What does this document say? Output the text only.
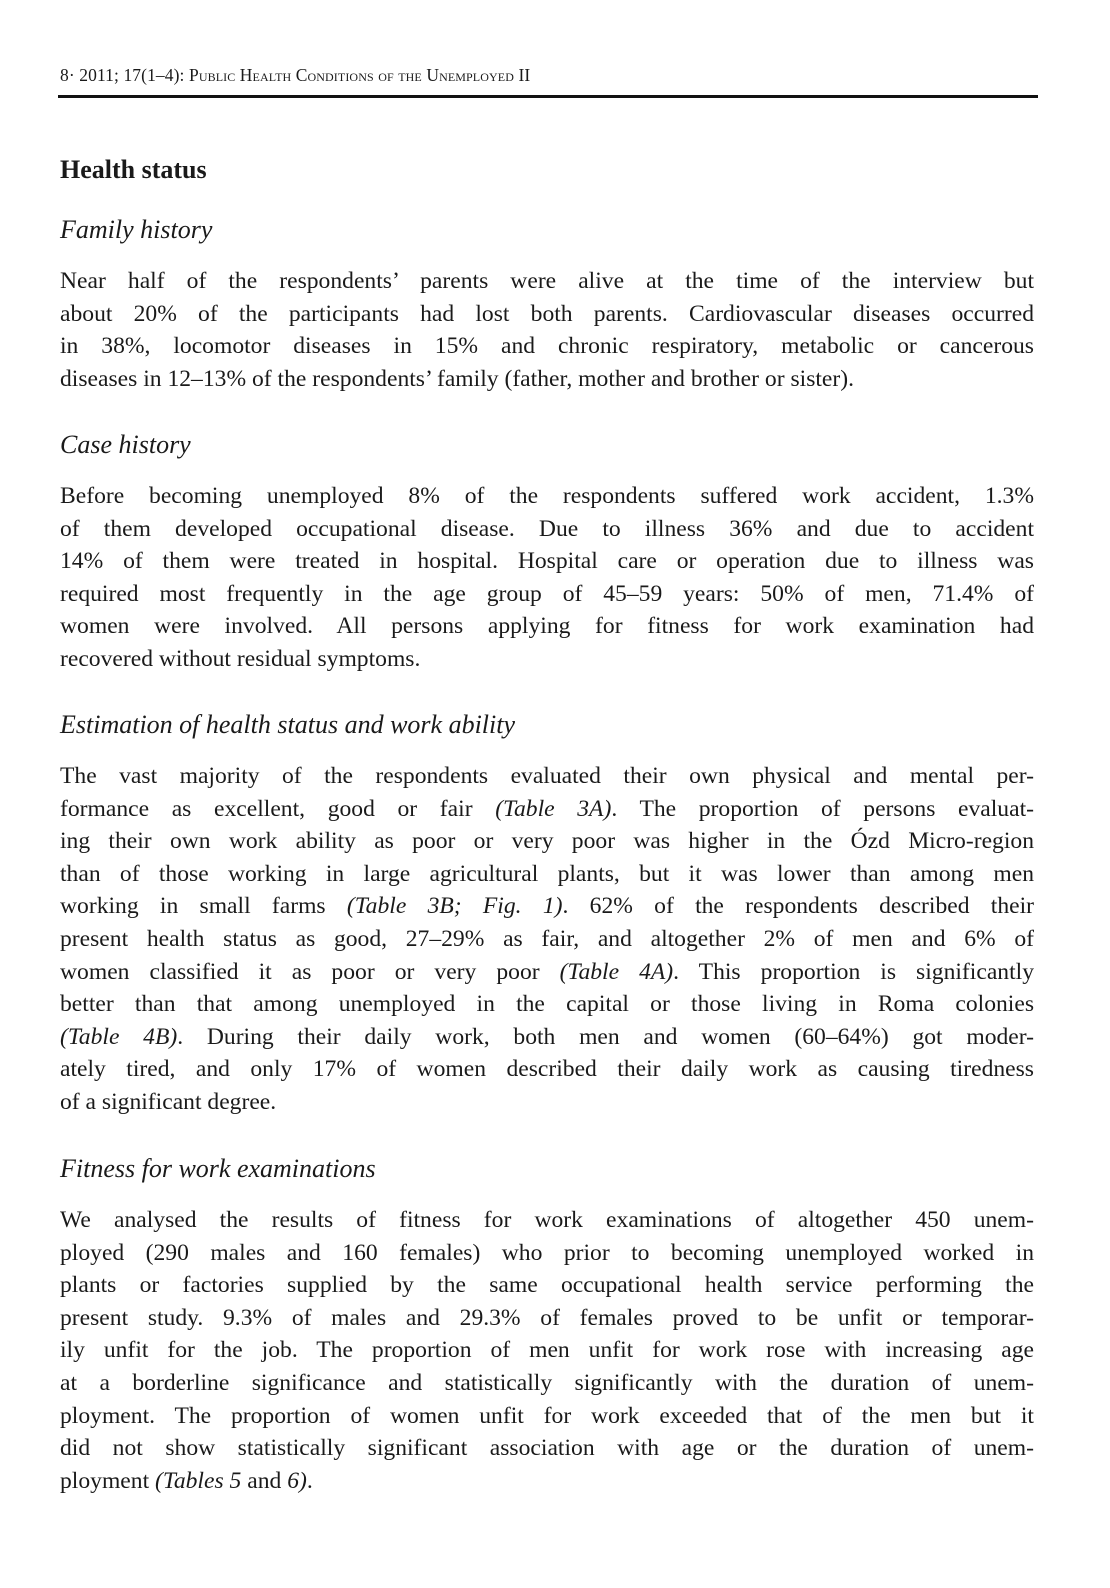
8· 2011; 17(1–4): Public Health Conditions of the Unemployed II
Health status
Family history
Near half of the respondents’ parents were alive at the time of the interview but
about 20% of the participants had lost both parents. Cardiovascular diseases occurred
in 38%, locomotor diseases in 15% and chronic respiratory, metabolic or cancerous
diseases in 12–13% of the respondents’ family (father, mother and brother or sister).
Case history
Before becoming unemployed 8% of the respondents suffered work accident, 1.3%
of them developed occupational disease. Due to illness 36% and due to accident
14% of them were treated in hospital. Hospital care or operation due to illness was
required most frequently in the age group of 45–59 years: 50% of men, 71.4% of
women were involved. All persons applying for fitness for work examination had
recovered without residual symptoms.
Estimation of health status and work ability
The vast majority of the respondents evaluated their own physical and mental per-
formance as excellent, good or fair (Table 3A). The proportion of persons evaluat-
ing their own work ability as poor or very poor was higher in the Ózd Micro-region
than of those working in large agricultural plants, but it was lower than among men
working in small farms (Table 3B; Fig. 1). 62% of the respondents described their
present health status as good, 27–29% as fair, and altogether 2% of men and 6% of
women classified it as poor or very poor (Table 4A). This proportion is significantly
better than that among unemployed in the capital or those living in Roma colonies
(Table 4B). During their daily work, both men and women (60–64%) got moder-
ately tired, and only 17% of women described their daily work as causing tiredness
of a significant degree.
Fitness for work examinations
We analysed the results of fitness for work examinations of altogether 450 unem-
ployed (290 males and 160 females) who prior to becoming unemployed worked in
plants or factories supplied by the same occupational health service performing the
present study. 9.3% of males and 29.3% of females proved to be unfit or temporar-
ily unfit for the job. The proportion of men unfit for work rose with increasing age
at a borderline significance and statistically significantly with the duration of unem-
ployment. The proportion of women unfit for work exceeded that of the men but it
did not show statistically significant association with age or the duration of unem-
ployment (Tables 5 and 6).
